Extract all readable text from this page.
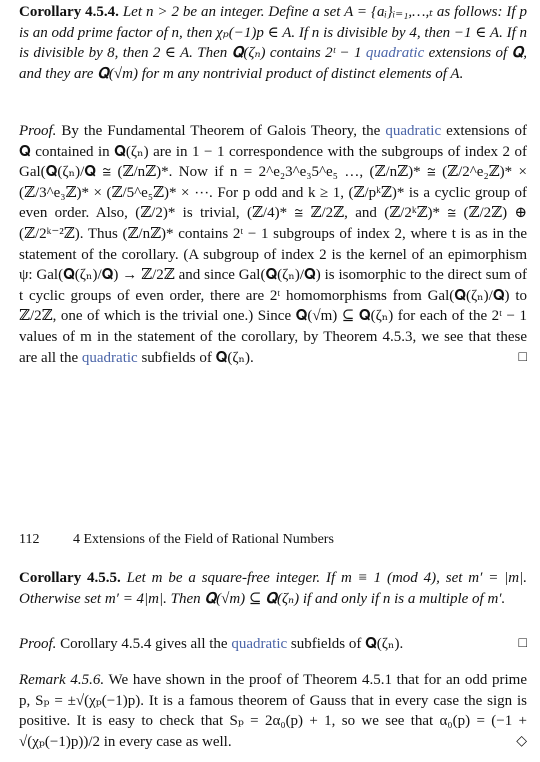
Corollary 4.5.4. Let n > 2 be an integer. Define a set A = {aᵢ}ᵢ₌₁,…,ₜ as follows: If p is an odd prime factor of n, then χₚ(−1)p ∈ A. If n is divisible by 4, then −1 ∈ A. If n is divisible by 8, then 2 ∈ A. Then 𝐐(ζₙ) contains 2ᵗ − 1 quadratic extensions of 𝐐, and they are 𝐐(√m) for m any nontrivial product of distinct elements of A.

Proof. By the Fundamental Theorem of Galois Theory, the quadratic extensions of 𝐐 contained in 𝐐(ζₙ) are in 1 − 1 correspondence with the subgroups of index 2 of Gal(𝐐(ζₙ)/𝐐 ≅ (ℤ/nℤ)*. Now if n = 2^e₂3^e₃5^e₅ …, (ℤ/nℤ)* ≅ (ℤ/2^e₂ℤ)* × (ℤ/3^e₃ℤ)* × (ℤ/5^e₅ℤ)* × ⋯. For p odd and k ≥ 1, (ℤ/pᵏℤ)* is a cyclic group of even order. Also, (ℤ/2)* is trivial, (ℤ/4)* ≅ ℤ/2ℤ, and (ℤ/2ᵏℤ)* ≅ (ℤ/2ℤ) ⊕ (ℤ/2ᵏ⁻²ℤ). Thus (ℤ/nℤ)* contains 2ᵗ − 1 subgroups of index 2, where t is as in the statement of the corollary. (A subgroup of index 2 is the kernel of an epimorphism ψ: Gal(𝐐(ζₙ)/𝐐) → ℤ/2ℤ and since Gal(𝐐(ζₙ)/𝐐) is isomorphic to the direct sum of t cyclic groups of even order, there are 2ᵗ homomorphisms from Gal(𝐐(ζₙ)/𝐐) to ℤ/2ℤ, one of which is the trivial one.) Since 𝐐(√m) ⊆ 𝐐(ζₙ) for each of the 2ᵗ − 1 values of m in the statement of the corollary, by Theorem 4.5.3, we see that these are all the quadratic subfields of 𝐐(ζₙ).	□

112 4 Extensions of the Field of Rational Numbers

Corollary 4.5.5. Let m be a square-free integer. If m ≡ 1 (mod 4), set m′ = |m|. Otherwise set m′ = 4|m|. Then 𝐐(√m) ⊆ 𝐐(ζₙ) if and only if n is a multiple of m′.

Proof. Corollary 4.5.4 gives all the quadratic subfields of 𝐐(ζₙ).	□

Remark 4.5.6. We have shown in the proof of Theorem 4.5.1 that for an odd prime p, Sₚ = ±√(χₚ(−1)p). It is a famous theorem of Gauss that in every case the sign is positive. It is easy to check that Sₚ = 2α₀(p) + 1, so we see that α₀(p) = (−1 + √(χₚ(−1)p))/2 in every case as well.	◇
